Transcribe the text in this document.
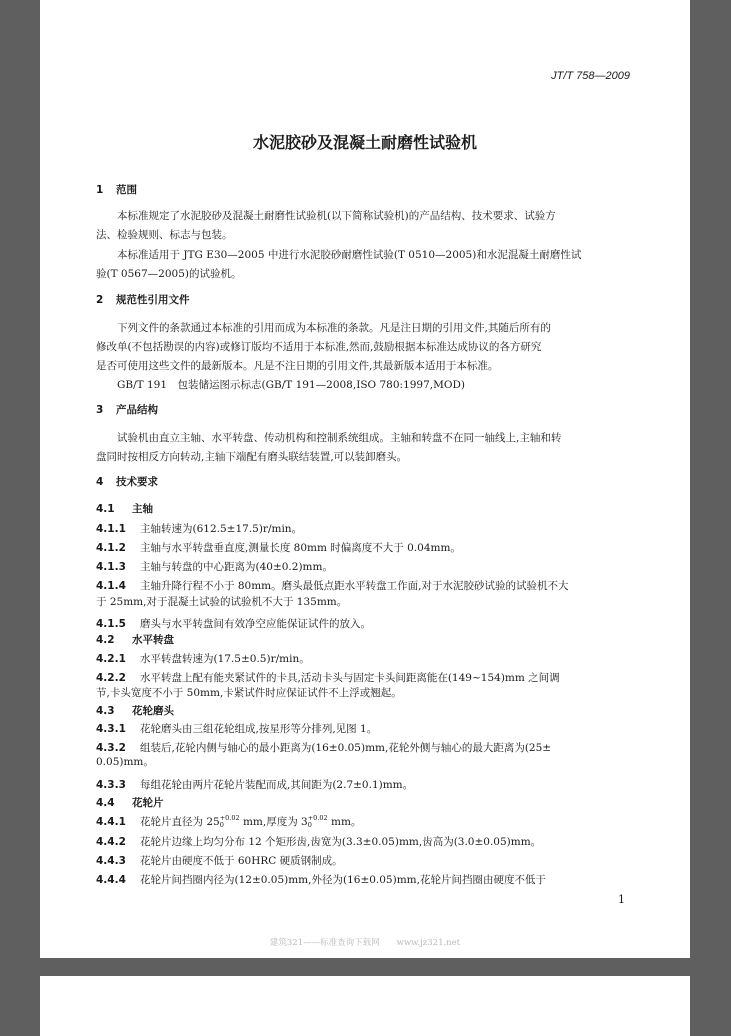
JT/T 758—2009
水泥胶砂及混凝土耐磨性试验机
1 范围
本标准规定了水泥胶砂及混凝土耐磨性试验机(以下简称试验机)的产品结构、技术要求、试验方
法、检验规则、标志与包装。
本标准适用于 JTG E30—2005 中进行水泥胶砂耐磨性试验(T 0510—2005)和水泥混凝土耐磨性试
验(T 0567—2005)的试验机。
2 规范性引用文件
下列文件的条款通过本标准的引用而成为本标准的条款。凡是注日期的引用文件,其随后所有的
修改单(不包括勘误的内容)或修订版均不适用于本标准,然而,鼓励根据本标准达成协议的各方研究
是否可使用这些文件的最新版本。凡是不注日期的引用文件,其最新版本适用于本标准。
GB/T 191　包装储运图示标志(GB/T 191—2008,ISO 780:1997,MOD)
3 产品结构
试验机由直立主轴、水平转盘、传动机构和控制系统组成。主轴和转盘不在同一轴线上,主轴和转
盘同时按相反方向转动,主轴下端配有磨头联结装置,可以装卸磨头。
4 技术要求
4.1 主轴
4.1.1 主轴转速为(612.5±17.5)r/min。
4.1.2 主轴与水平转盘垂直度,测量长度 80mm 时偏离度不大于 0.04mm。
4.1.3 主轴与转盘的中心距离为(40±0.2)mm。
4.1.4 主轴升降行程不小于 80mm。磨头最低点距水平转盘工作面,对于水泥胶砂试验的试验机不大
于 25mm,对于混凝土试验的试验机不大于 135mm。
4.1.5 磨头与水平转盘间有效净空应能保证试件的放入。
4.2 水平转盘
4.2.1 水平转盘转速为(17.5±0.5)r/min。
4.2.2 水平转盘上配有能夹紧试件的卡具,活动卡头与固定卡头间距离能在(149~154)mm 之间调
节,卡头宽度不小于 50mm,卡紧试件时应保证试件不上浮或翘起。
4.3 花轮磨头
4.3.1 花轮磨头由三组花轮组成,按星形等分排列,见图 1。
4.3.2 组装后,花轮内侧与轴心的最小距离为(16±0.05)mm,花轮外侧与轴心的最大距离为(25±
0.05)mm。
4.3.3 每组花轮由两片花轮片装配而成,其间距为(2.7±0.1)mm。
4.4 花轮片
4.4.1 花轮片直径为 25 +0.02
0	mm,厚度为 3 +0.02
0	mm。
4.4.2 花轮片边缘上均匀分布 12 个矩形齿,齿宽为(3.3±0.05)mm,齿高为(3.0±0.05)mm。
4.4.3 花轮片由硬度不低于 60HRC 硬质钢制成。
4.4.4 花轮片间挡圈内径为(12±0.05)mm,外径为(16±0.05)mm,花轮片间挡圈由硬度不低于
1
建筑321——标准查询下载网　　www.jz321.net
